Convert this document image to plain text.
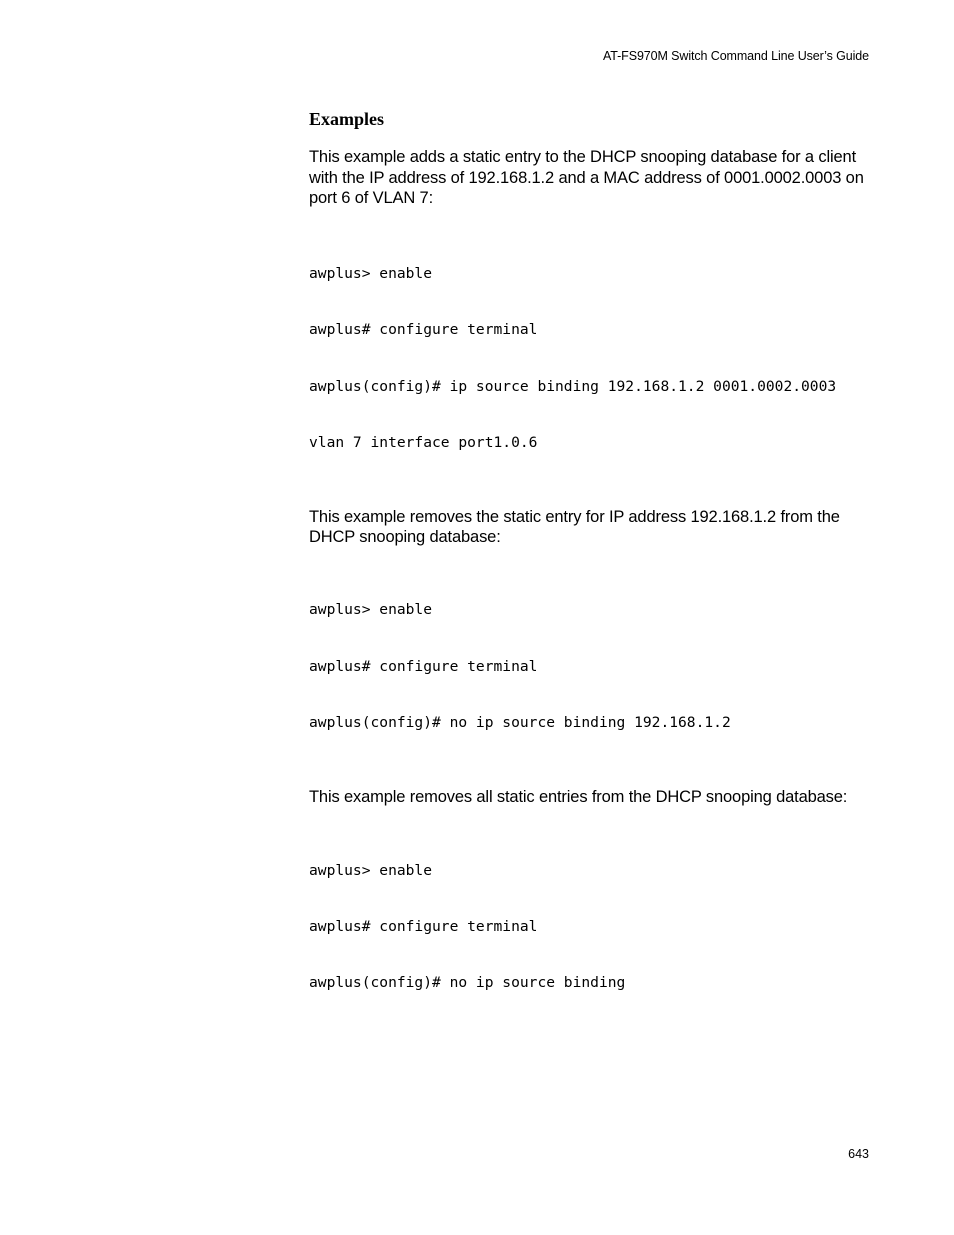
AT-FS970M Switch Command Line User’s Guide
Examples

This example adds a static entry to the DHCP snooping database for a client with the IP address of 192.168.1.2 and a MAC address of 0001.0002.0003 on port 6 of VLAN 7:

awplus> enable

awplus# configure terminal

awplus(config)# ip source binding 192.168.1.2 0001.0002.0003

vlan 7 interface port1.0.6

This example removes the static entry for IP address 192.168.1.2 from the DHCP snooping database:

awplus> enable

awplus# configure terminal

awplus(config)# no ip source binding 192.168.1.2

This example removes all static entries from the DHCP snooping database:

awplus> enable

awplus# configure terminal

awplus(config)# no ip source binding

643
